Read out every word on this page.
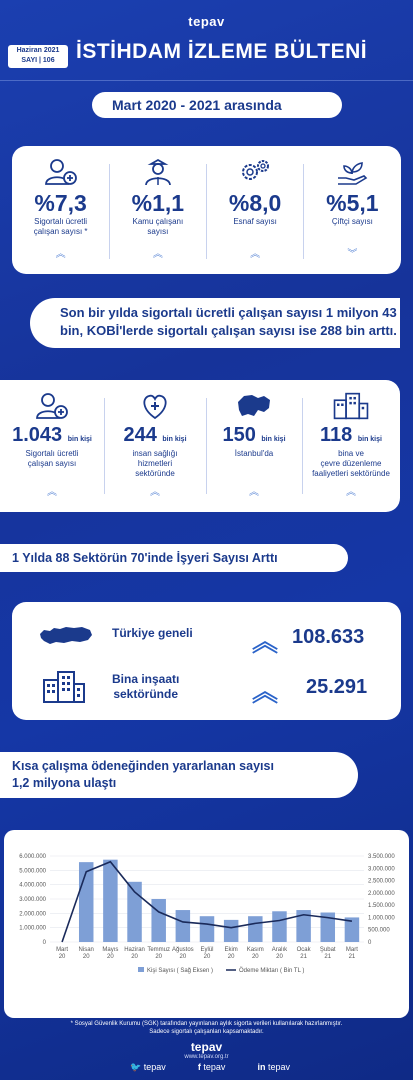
tepav
Haziran 2021
SAYI | 106	İSTİHDAM İZLEME BÜLTENİ
Mart 2020 - 2021 arasında
%7,3
Sigortalı ücretli
çalışan sayısı *
︽
%1,1
Kamu çalışanı
sayısı
︽
%8,0
Esnaf sayısı
︽
%5,1
Çiftçi sayısı
︾
Son bir yılda sigortalı ücretli çalışan sayısı 1 milyon 43 bin, KOBİ'lerde sigortalı çalışan sayısı ise 288 bin arttı.
1.043 bin kişi
Sigortalı ücretli
çalışan sayısı
︽
244 bin kişi
insan sağlığı
hizmetleri
sektöründe
︽
150 bin kişi
İstanbul'da
︽
118 bin kişi
bina ve
çevre düzenleme
faaliyetleri sektöründe
︽
1 Yılda 88 Sektörün 70'inde İşyeri Sayısı Arttı
Türkiye geneli ︽ 108.633
Bina inşaatı
sektöründe	︽ 25.291
Kısa çalışma ödeneğinden yararlanan sayısı
1,2 milyona ulaştı
0
1.000.000
2.000.000
3.000.000
4.000.000
5.000.000
6.000.000
0
500.000
1.000.000
1.500.000
2.000.000
2.500.000
3.000.000
3.500.000
Mart
20
Nisan
20
Mayıs
20
Haziran
20
Temmuz
20
Ağustos
20
Eylül
20
Ekim
20
Kasım
20
Aralık
20
Ocak
21
Şubat
21
Mart
21
Kişi Sayısı ( Sağ Eksen )	Ödeme Miktarı ( Bin TL )
* Sosyal Güvenlik Kurumu (SGK) tarafından yayınlanan aylık sigorta verileri kullanılarak hazırlanmıştır.
Sadece sigortalı çalışanları kapsamaktadır.
tepav
www.tepav.org.tr
🐦 tepav	f tepav	in tepav
